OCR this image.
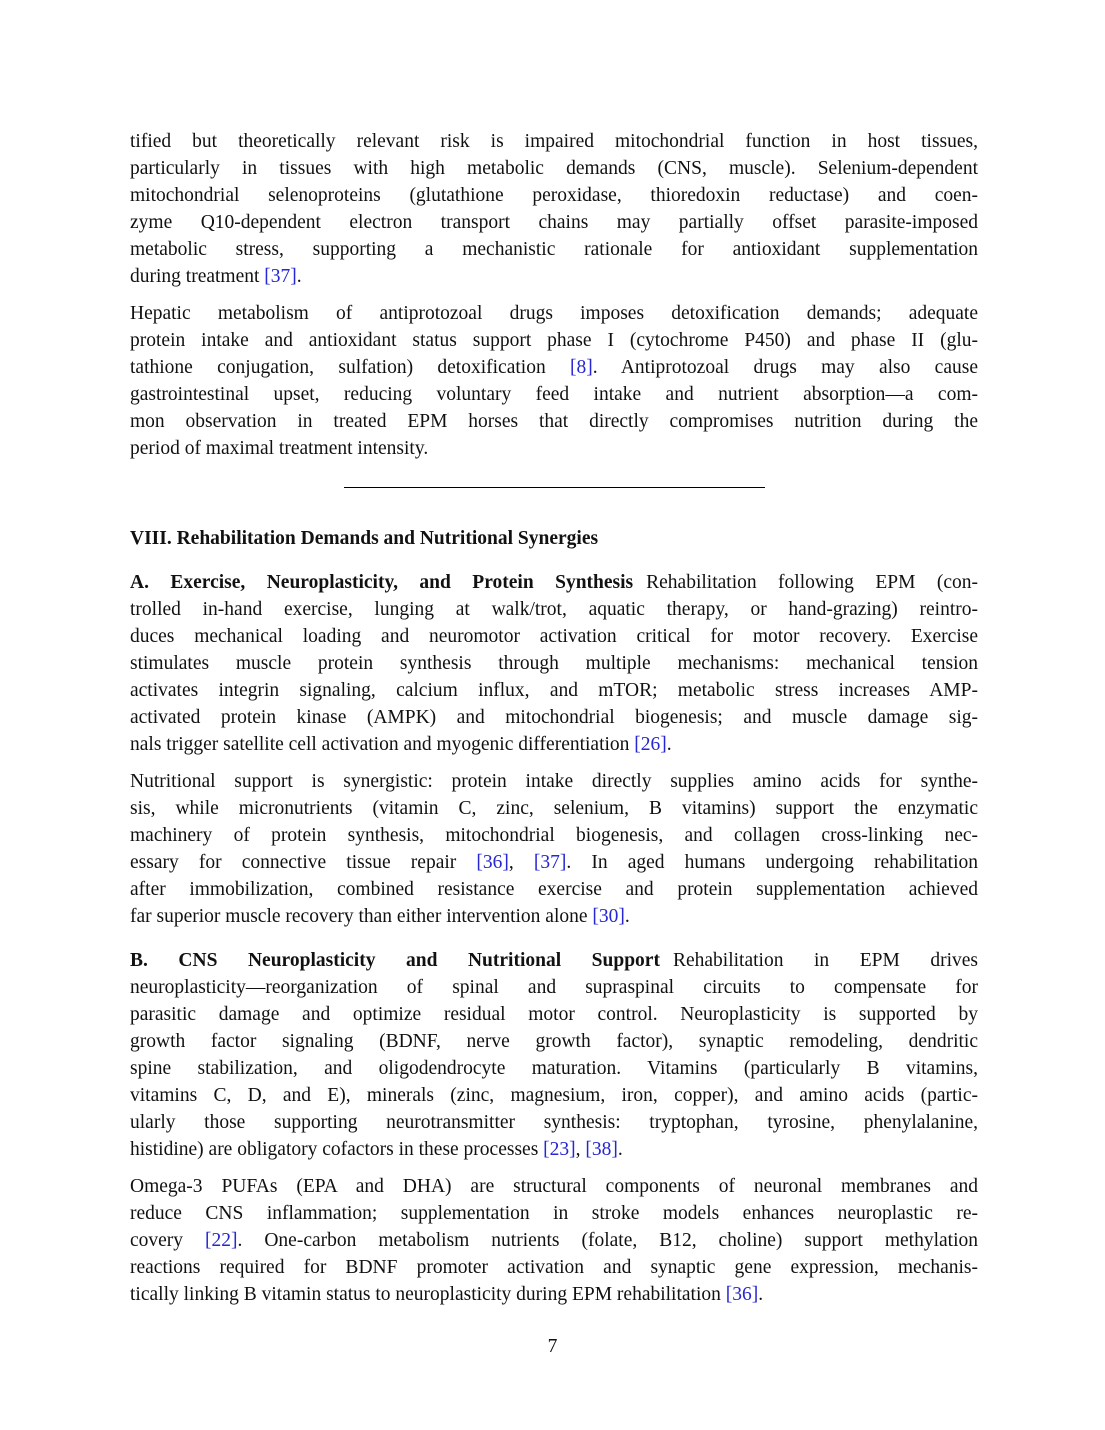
tified but theoretically relevant risk is impaired mitochondrial function in host tissues,
particularly in tissues with high metabolic demands (CNS, muscle). Selenium-dependent
mitochondrial selenoproteins (glutathione peroxidase, thioredoxin reductase) and coen-
zyme Q10-dependent electron transport chains may partially offset parasite-imposed
metabolic stress, supporting a mechanistic rationale for antioxidant supplementation
during treatment [37].
Hepatic metabolism of antiprotozoal drugs imposes detoxification demands; adequate
protein intake and antioxidant status support phase I (cytochrome P450) and phase II (glu-
tathione conjugation, sulfation) detoxification [8]. Antiprotozoal drugs may also cause
gastrointestinal upset, reducing voluntary feed intake and nutrient absorption—a com-
mon observation in treated EPM horses that directly compromises nutrition during the
period of maximal treatment intensity.
VIII. Rehabilitation Demands and Nutritional Synergies
A. Exercise, Neuroplasticity, and Protein Synthesis Rehabilitation following EPM (con-
trolled in-hand exercise, lunging at walk/trot, aquatic therapy, or hand-grazing) reintro-
duces mechanical loading and neuromotor activation critical for motor recovery. Exercise
stimulates muscle protein synthesis through multiple mechanisms: mechanical tension
activates integrin signaling, calcium influx, and mTOR; metabolic stress increases AMP-
activated protein kinase (AMPK) and mitochondrial biogenesis; and muscle damage sig-
nals trigger satellite cell activation and myogenic differentiation [26].
Nutritional support is synergistic: protein intake directly supplies amino acids for synthe-
sis, while micronutrients (vitamin C, zinc, selenium, B vitamins) support the enzymatic
machinery of protein synthesis, mitochondrial biogenesis, and collagen cross-linking nec-
essary for connective tissue repair [36], [37]. In aged humans undergoing rehabilitation
after immobilization, combined resistance exercise and protein supplementation achieved
far superior muscle recovery than either intervention alone [30].
B. CNS Neuroplasticity and Nutritional Support Rehabilitation in EPM drives
neuroplasticity—reorganization of spinal and supraspinal circuits to compensate for
parasitic damage and optimize residual motor control. Neuroplasticity is supported by
growth factor signaling (BDNF, nerve growth factor), synaptic remodeling, dendritic
spine stabilization, and oligodendrocyte maturation. Vitamins (particularly B vitamins,
vitamins C, D, and E), minerals (zinc, magnesium, iron, copper), and amino acids (partic-
ularly those supporting neurotransmitter synthesis: tryptophan, tyrosine, phenylalanine,
histidine) are obligatory cofactors in these processes [23], [38].
Omega-3 PUFAs (EPA and DHA) are structural components of neuronal membranes and
reduce CNS inflammation; supplementation in stroke models enhances neuroplastic re-
covery [22]. One-carbon metabolism nutrients (folate, B12, choline) support methylation
reactions required for BDNF promoter activation and synaptic gene expression, mechanis-
tically linking B vitamin status to neuroplasticity during EPM rehabilitation [36].
7
